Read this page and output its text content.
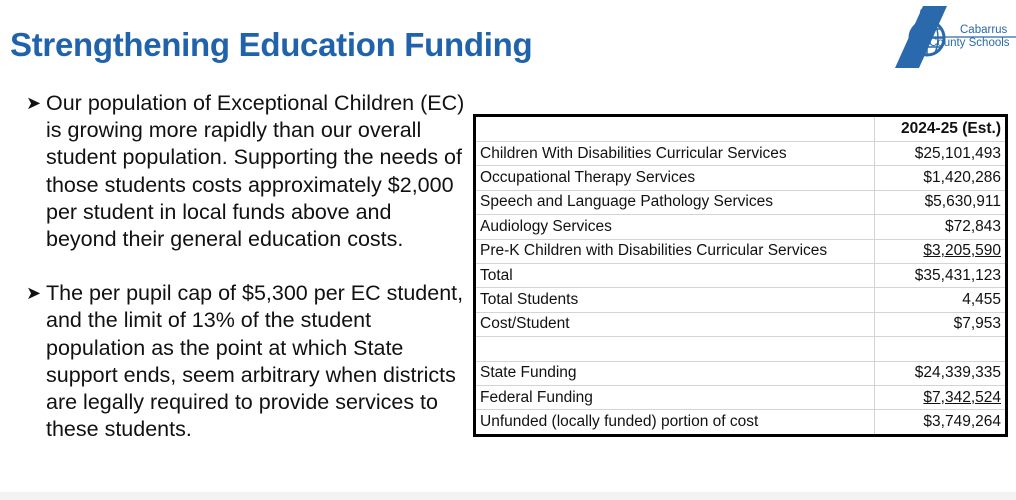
Strengthening Education Funding	Cabarrus
County Schools
➤ Our population of Exceptional Children (EC) is growing more rapidly than our overall student population. Supporting the needs of those students costs approximately $2,000 per student in local funds above and beyond their general education costs.
➤ The per pupil cap of $5,300 per EC student, and the limit of 13% of the student population as the point at which State support ends, seem arbitrary when districts are legally required to provide services to these students.
	2024-25 (Est.)
Children With Disabilities Curricular Services	$25,101,493
Occupational Therapy Services	$1,420,286
Speech and Language Pathology Services	$5,630,911
Audiology Services	$72,843
Pre-K Children with Disabilities Curricular Services	$3,205,590
Total	$35,431,123
Total Students	4,455
Cost/Student	$7,953

State Funding	$24,339,335
Federal Funding	$7,342,524
Unfunded (locally funded) portion of cost	$3,749,264
